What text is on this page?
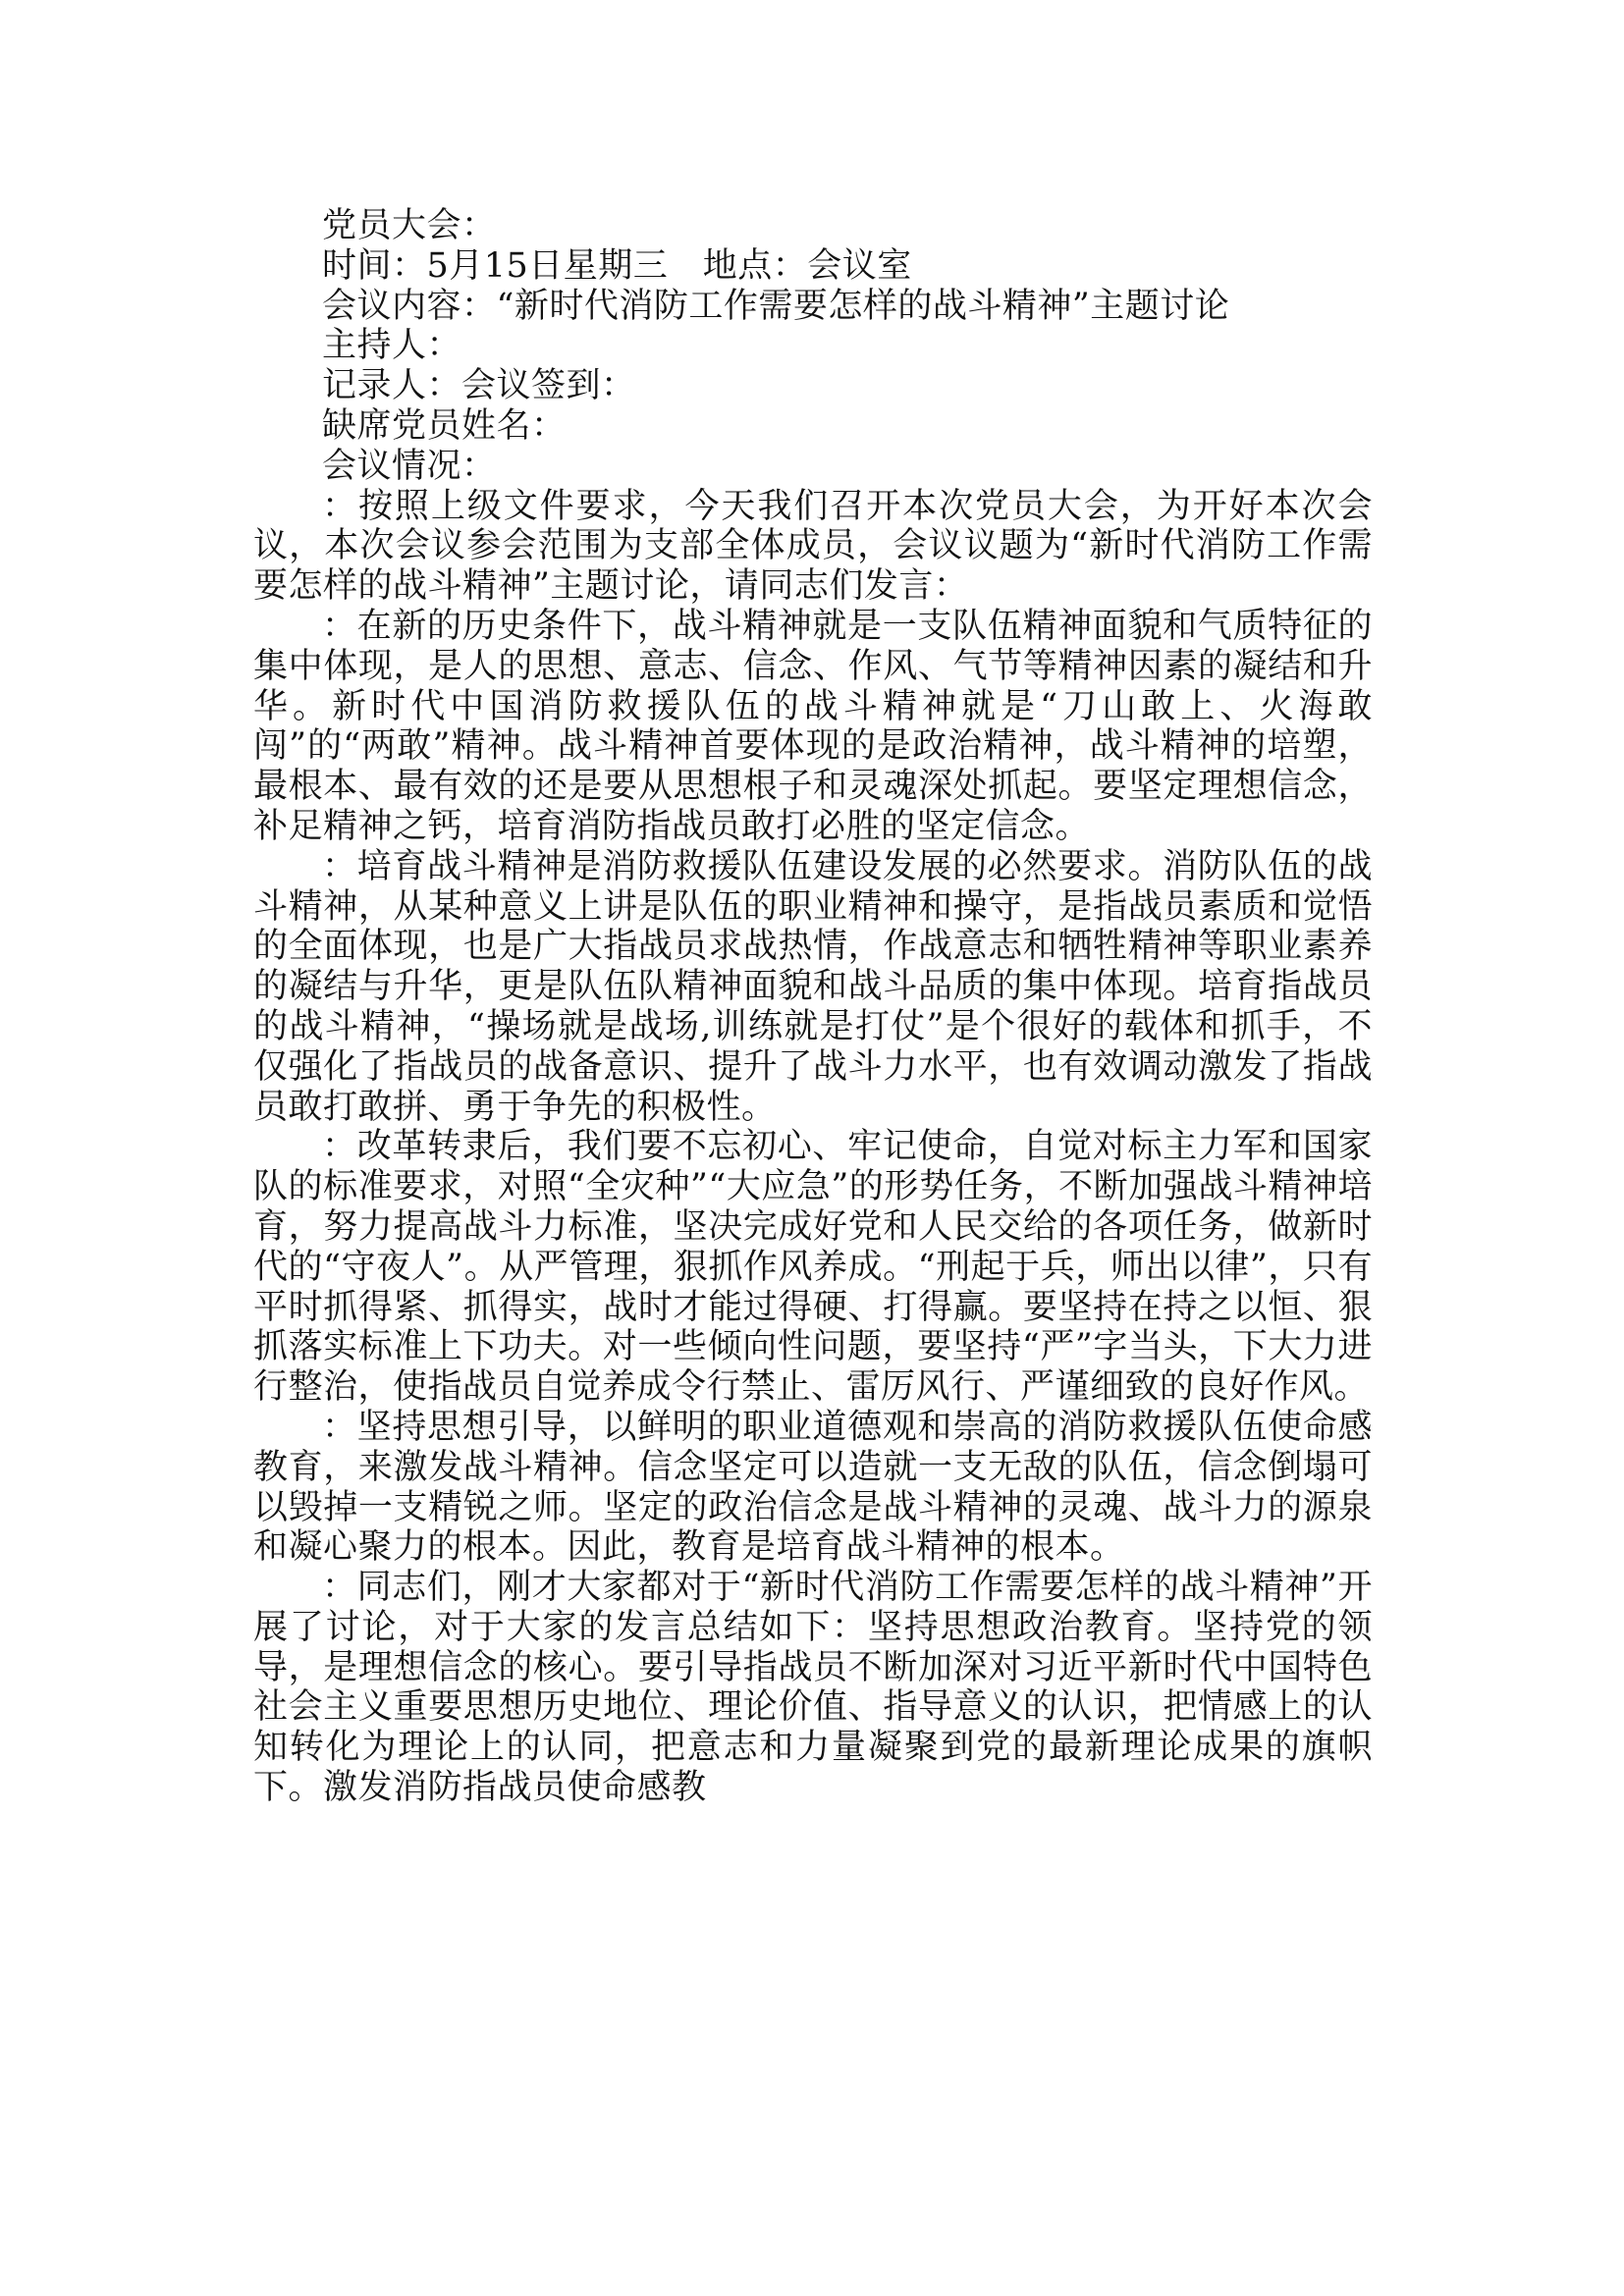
党员大会：

时间：5月15日星期三　地点：会议室

会议内容：“新时代消防工作需要怎样的战斗精神”主题讨论

主持人：

记录人：会议签到：

缺席党员姓名：

会议情况：

：按照上级文件要求，今天我们召开本次党员大会，为开好本次会议，本次会议参会范围为支部全体成员，会议议题为“新时代消防工作需要怎样的战斗精神”主题讨论，请同志们发言：

：在新的历史条件下，战斗精神就是一支队伍精神面貌和气质特征的集中体现，是人的思想、意志、信念、作风、气节等精神因素的凝结和升华。新时代中国消防救援队伍的战斗精神就是“刀山敢上、火海敢闯”的“两敢”精神。战斗精神首要体现的是政治精神，战斗精神的培塑，最根本、最有效的还是要从思想根子和灵魂深处抓起。要坚定理想信念，补足精神之钙，培育消防指战员敢打必胜的坚定信念。

：培育战斗精神是消防救援队伍建设发展的必然要求。消防队伍的战斗精神，从某种意义上讲是队伍的职业精神和操守，是指战员素质和觉悟的全面体现，也是广大指战员求战热情，作战意志和牺牲精神等职业素养的凝结与升华，更是队伍队精神面貌和战斗品质的集中体现。培育指战员的战斗精神，“操场就是战场,训练就是打仗”是个很好的载体和抓手，不仅强化了指战员的战备意识、提升了战斗力水平，也有效调动激发了指战员敢打敢拼、勇于争先的积极性。

：改革转隶后，我们要不忘初心、牢记使命，自觉对标主力军和国家队的标准要求，对照“全灾种”“大应急”的形势任务，不断加强战斗精神培育，努力提高战斗力标准，坚决完成好党和人民交给的各项任务，做新时代的“守夜人”。从严管理，狠抓作风养成。“刑起于兵，师出以律”，只有平时抓得紧、抓得实，战时才能过得硬、打得赢。要坚持在持之以恒、狠抓落实标准上下功夫。对一些倾向性问题，要坚持“严”字当头，下大力进行整治，使指战员自觉养成令行禁止、雷厉风行、严谨细致的良好作风。

：坚持思想引导，以鲜明的职业道德观和崇高的消防救援队伍使命感教育，来激发战斗精神。信念坚定可以造就一支无敌的队伍，信念倒塌可以毁掉一支精锐之师。坚定的政治信念是战斗精神的灵魂、战斗力的源泉和凝心聚力的根本。因此，教育是培育战斗精神的根本。

：同志们，刚才大家都对于“新时代消防工作需要怎样的战斗精神”开展了讨论，对于大家的发言总结如下：坚持思想政治教育。坚持党的领导，是理想信念的核心。要引导指战员不断加深对习近平新时代中国特色社会主义重要思想历史地位、理论价值、指导意义的认识，把情感上的认知转化为理论上的认同，把意志和力量凝聚到党的最新理论成果的旗帜下。激发消防指战员使命感教
